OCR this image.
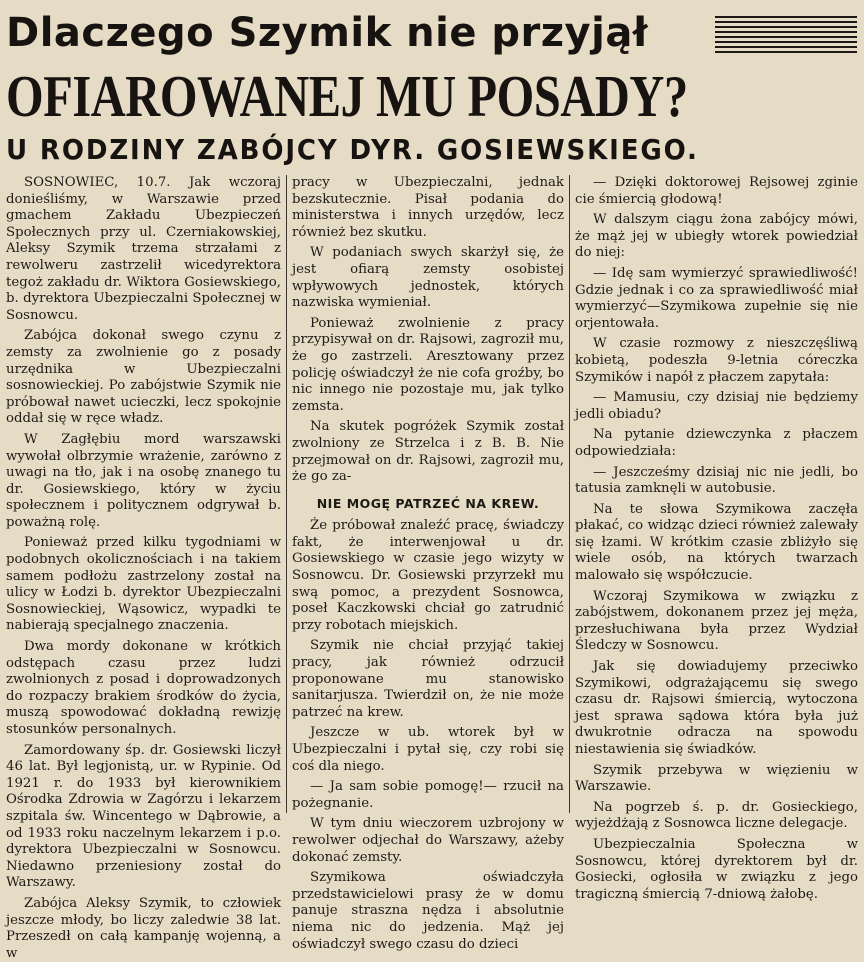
Dlaczego Szymik nie przyjął
OFIAROWANEJ MU POSADY?
U RODZINY ZABÓJCY DYR. GOSIEWSKIEGO.

SOSNOWIEC, 10.7. Jak wczoraj donieśliśmy, w Warszawie przed gmachem Zakładu Ubezpieczeń Społecznych przy ul. Czerniakowskiej, Aleksy Szymik trzema strzałami z rewolweru zastrzelił wicedyrektora tegoż zakładu dr. Wiktora Gosiewskiego, b. dyrektora Ubezpieczalni Społecznej w Sosnowcu.

Zabójca dokonał swego czynu z zemsty za zwolnienie go z posady urzędnika w Ubezpieczalni sosnowieckiej. Po zabójstwie Szymik nie próbował nawet ucieczki, lecz spokojnie oddał się w ręce władz.

W Zagłębiu mord warszawski wywołał olbrzymie wrażenie, zarówno z uwagi na tło, jak i na osobę znanego tu dr. Gosiewskiego, który w życiu społecznem i politycznem odgrywał b. poważną rolę.

Ponieważ przed kilku tygodniami w podobnych okolicznościach i na takiem samem podłożu zastrzelony został na ulicy w Łodzi b. dyrektor Ubezpieczalni Sosnowieckiej, Wąsowicz, wypadki te nabierają specjalnego znaczenia.

Dwa mordy dokonane w krótkich odstępach czasu przez ludzi zwolnionych z posad i doprowadzonych do rozpaczy brakiem środków do życia, muszą spowodować dokładną rewizję stosunków personalnych.

Zamordowany śp. dr. Gosiewski liczył 46 lat. Był legjonistą, ur. w Rypinie. Od 1921 r. do 1933 był kierownikiem Ośrodka Zdrowia w Zagórzu i lekarzem szpitala św. Wincentego w Dąbrowie, a od 1933 roku naczelnym lekarzem i p.o. dyrektora Ubezpieczalni w Sosnowcu. Niedawno przeniesiony został do Warszawy.

Zabójca Aleksy Szymik, to człowiek jeszcze młody, bo liczy zaledwie 38 lat. Przeszedł on całą kampanję wojenną, a w

pracy w Ubezpieczalni, jednak bezskutecznie. Pisał podania do ministerstwa i innych urzędów, lecz również bez skutku.

W podaniach swych skarżył się, że jest ofiarą zemsty osobistej wpływowych jednostek, których nazwiska wymieniał.

Ponieważ zwolnienie z pracy przypisywał on dr. Rajsowi, zagroził mu, że go zastrzeli. Aresztowany przez policję oświadczył że nie cofa groźby, bo nic innego nie pozostaje mu, jak tylko zemsta.

Na skutek pogróżek Szymik został zwolniony ze Strzelca i z B. B. Nie przejmował on dr. Rajsowi, zagroził mu, że go za-

NIE MOGĘ PATRZEĆ NA KREW.

Że próbował znaleźć pracę, świadczy fakt, że interwenjował u dr. Gosiewskiego w czasie jego wizyty w Sosnowcu. Dr. Gosiewski przyrzekł mu swą pomoc, a prezydent Sosnowca, poseł Kaczkowski chciał go zatrudnić przy robotach miejskich.

Szymik nie chciał przyjąć takiej pracy, jak również odrzucił proponowane mu stanowisko sanitarjusza. Twierdził on, że nie może patrzeć na krew.

Jeszcze w ub. wtorek był w Ubezpieczalni i pytał się, czy robi się coś dla niego.

— Ja sam sobie pomogę!— rzucił na pożegnanie.

W tym dniu wieczorem uzbrojony w rewolwer odjechał do Warszawy, ażeby dokonać zemsty.

Szymikowa oświadczyła przedstawicielowi prasy że w domu panuje straszna nędza i absolutnie niema nic do jedzenia. Mąż jej oświadczył swego czasu do dzieci

— Dzięki doktorowej Rejsowej zginie cie śmiercią głodową!

W dalszym ciągu żona zabójcy mówi, że mąż jej w ubiegły wtorek powiedział do niej:

— Idę sam wymierzyć sprawiedliwość! Gdzie jednak i co za sprawiedliwość miał wymierzyć—Szymikowa zupełnie się nie orjentowała.

W czasie rozmowy z nieszczęśliwą kobietą, podeszła 9-letnia córeczka Szymików i napół z płaczem zapytała:

— Mamusiu, czy dzisiaj nie będziemy jedli obiadu?

Na pytanie dziewczynka z płaczem odpowiedziała:

— Jeszcześmy dzisiaj nic nie jedli, bo tatusia zamknęli w autobusie.

Na te słowa Szymikowa zaczęła płakać, co widząc dzieci również zalewały się łzami. W krótkim czasie zbliżyło się wiele osób, na których twarzach malowało się współczucie.

Wczoraj Szymikowa w związku z zabójstwem, dokonanem przez jej męża, przesłuchiwana była przez Wydział Śledczy w Sosnowcu.

Jak się dowiadujemy przeciwko Szymikowi, odgrażającemu się swego czasu dr. Rajsowi śmiercią, wytoczona jest sprawa sądowa która była już dwukrotnie odracza na spowodu niestawienia się świadków.

Szymik przebywa w więzieniu w Warszawie.

Na pogrzeb ś. p. dr. Gosieckiego, wyjeżdżają z Sosnowca liczne delegacje.

Ubezpieczalnia Społeczna w Sosnowcu, której dyrektorem był dr. Gosiecki, ogłosiła w związku z jego tragiczną śmiercią 7-dniową żałobę.
